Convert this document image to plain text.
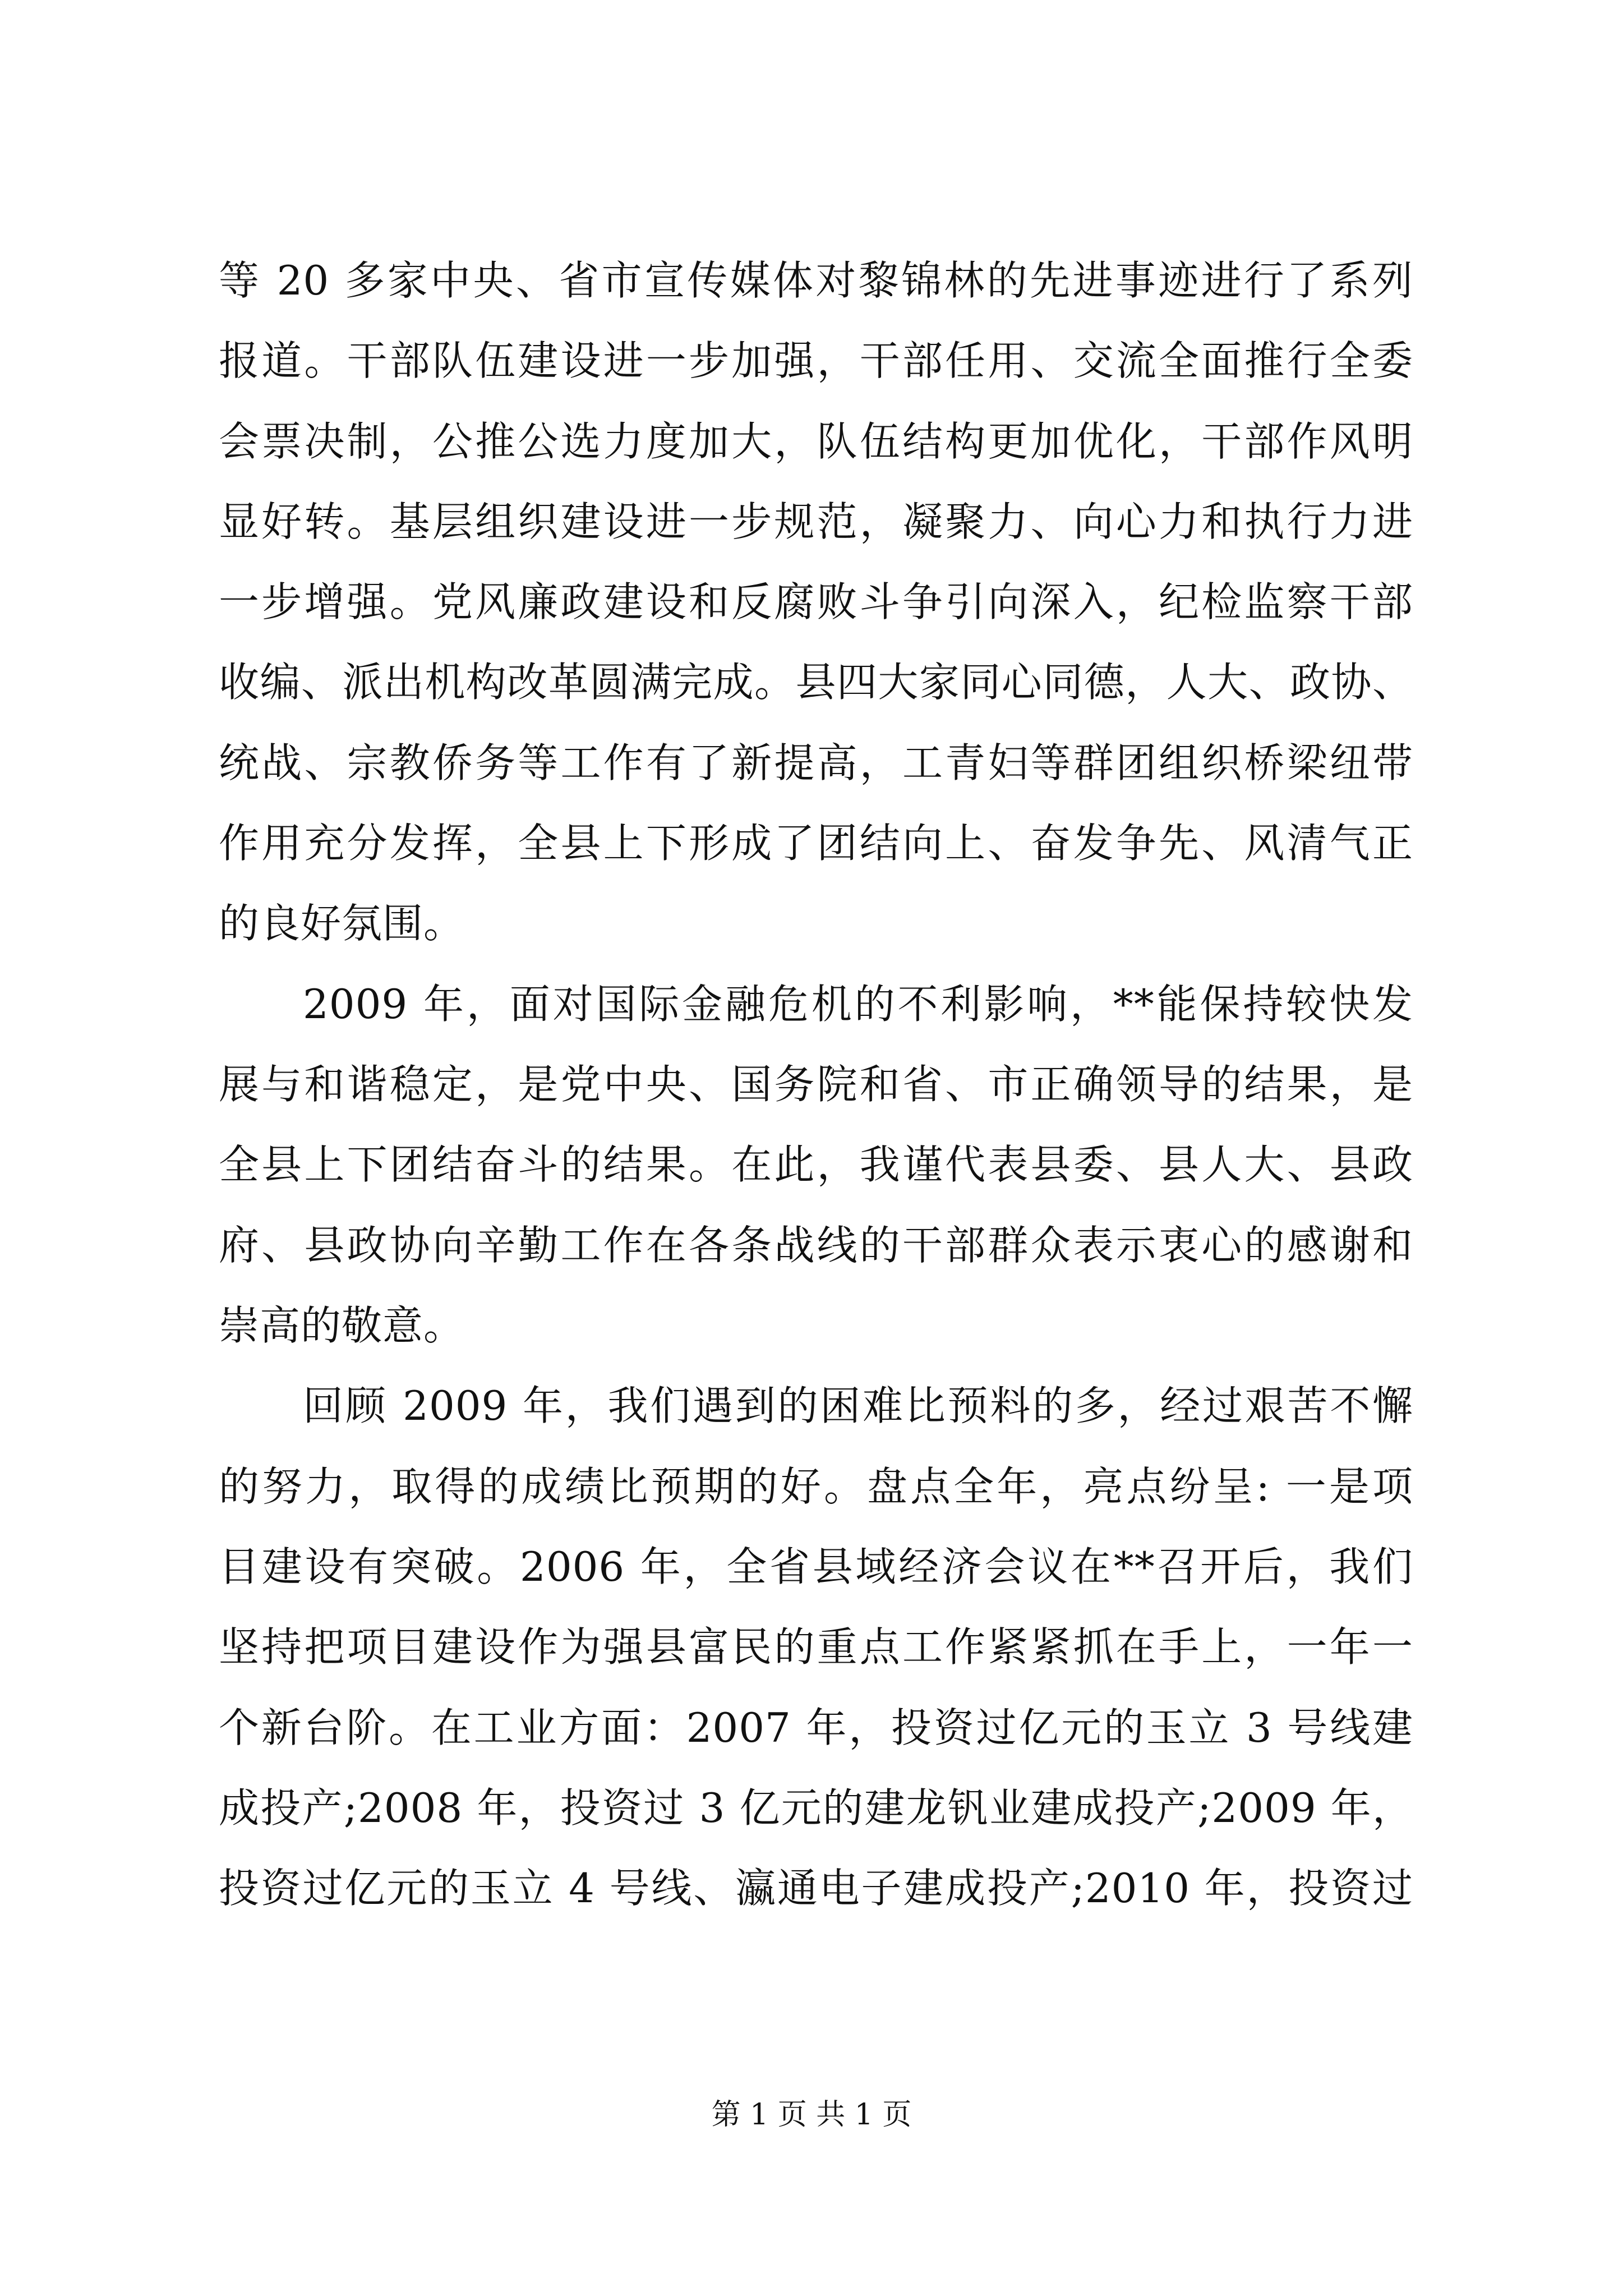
等 20 多家中央、省市宣传媒体对黎锦林的先进事迹进行了系列
报道。干部队伍建设进一步加强，干部任用、交流全面推行全委
会票决制，公推公选力度加大，队伍结构更加优化，干部作风明
显好转。基层组织建设进一步规范，凝聚力、向心力和执行力进
一步增强。党风廉政建设和反腐败斗争引向深入，纪检监察干部
收编、派出机构改革圆满完成。县四大家同心同德，人大、政协、
统战、宗教侨务等工作有了新提高，工青妇等群团组织桥梁纽带
作用充分发挥，全县上下形成了团结向上、奋发争先、风清气正
的良好氛围。
2009 年，面对国际金融危机的不利影响，**能保持较快发
展与和谐稳定，是党中央、国务院和省、市正确领导的结果，是
全县上下团结奋斗的结果。在此，我谨代表县委、县人大、县政
府、县政协向辛勤工作在各条战线的干部群众表示衷心的感谢和
崇高的敬意。
回顾 2009 年，我们遇到的困难比预料的多，经过艰苦不懈
的努力，取得的成绩比预期的好。盘点全年，亮点纷呈: 一是项
目建设有突破。2006 年，全省县域经济会议在**召开后，我们
坚持把项目建设作为强县富民的重点工作紧紧抓在手上，一年一
个新台阶。在工业方面：2007 年，投资过亿元的玉立 3 号线建
成投产;2008 年，投资过 3 亿元的建龙钒业建成投产;2009 年，
投资过亿元的玉立 4 号线、瀛通电子建成投产;2010 年，投资过
第 1 页 共 1 页
